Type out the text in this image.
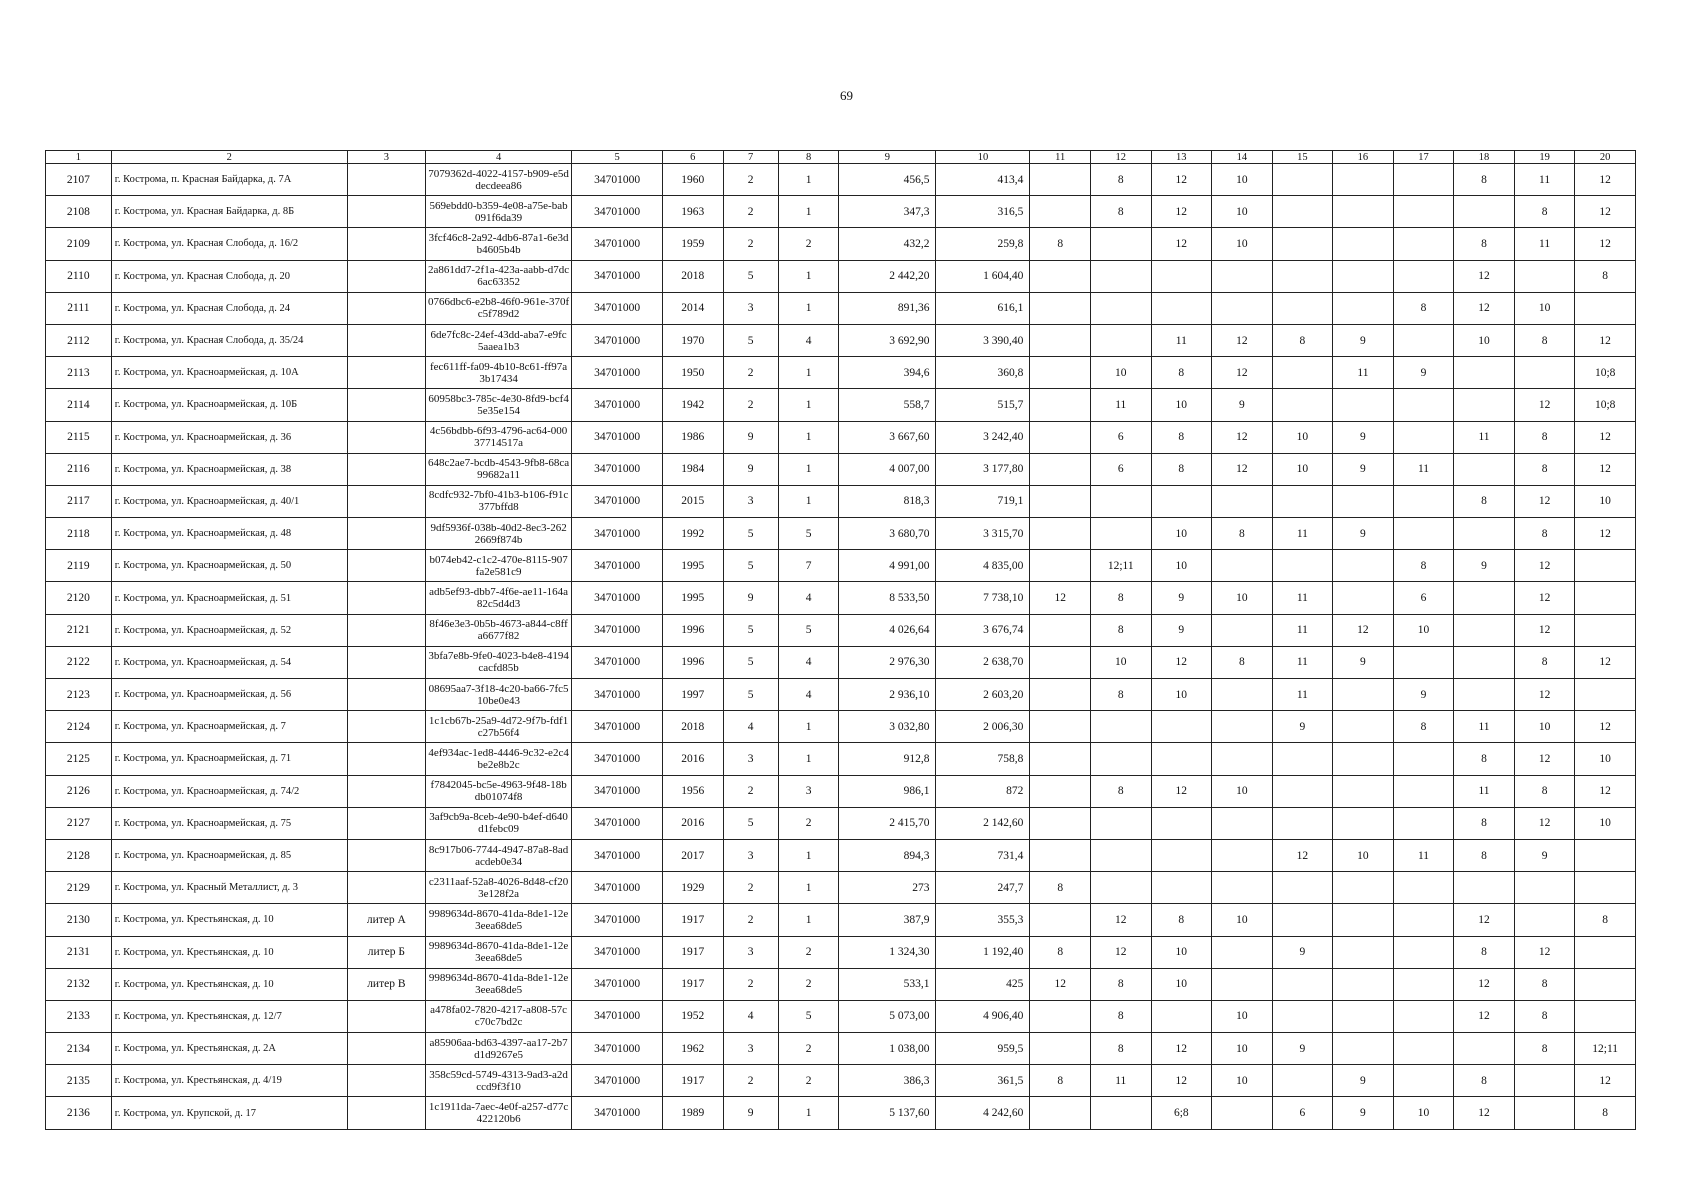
69
1	2	3	4	5	6	7	8	9	10	11	12	13	14	15	16	17	18	19	20
2107	г. Кострома, п. Красная Байдарка, д. 7А		7079362d-4022-4157-b909-e5ddecdeea86	34701000	1960	2	1	456,5	413,4		8	12	10				8	11	12
2108	г. Кострома, ул. Красная Байдарка, д. 8Б		569ebdd0-b359-4e08-a75e-bab091f6da39	34701000	1963	2	1	347,3	316,5		8	12	10					8	12
2109	г. Кострома, ул. Красная Слобода, д. 16/2		3fcf46c8-2a92-4db6-87a1-6e3db4605b4b	34701000	1959	2	2	432,2	259,8	8		12	10				8	11	12
2110	г. Кострома, ул. Красная Слобода, д. 20		2a861dd7-2f1a-423a-aabb-d7dc6ac63352	34701000	2018	5	1	2 442,20	1 604,40								12		8
2111	г. Кострома, ул. Красная Слобода, д. 24		0766dbc6-e2b8-46f0-961e-370fc5f789d2	34701000	2014	3	1	891,36	616,1							8	12	10	
2112	г. Кострома, ул. Красная Слобода, д. 35/24		6de7fc8c-24ef-43dd-aba7-e9fc5aaea1b3	34701000	1970	5	4	3 692,90	3 390,40			11	12	8	9		10	8	12
2113	г. Кострома, ул. Красноармейская, д. 10А		fec611ff-fa09-4b10-8c61-ff97a3b17434	34701000	1950	2	1	394,6	360,8		10	8	12		11	9			10;8
2114	г. Кострома, ул. Красноармейская, д. 10Б		60958bc3-785c-4e30-8fd9-bcf45e35e154	34701000	1942	2	1	558,7	515,7		11	10	9					12	10;8
2115	г. Кострома, ул. Красноармейская, д. 36		4c56bdbb-6f93-4796-ac64-00037714517a	34701000	1986	9	1	3 667,60	3 242,40		6	8	12	10	9		11	8	12
2116	г. Кострома, ул. Красноармейская, д. 38		648c2ae7-bcdb-4543-9fb8-68ca99682a11	34701000	1984	9	1	4 007,00	3 177,80		6	8	12	10	9	11		8	12
2117	г. Кострома, ул. Красноармейская, д. 40/1		8cdfc932-7bf0-41b3-b106-f91c377bffd8	34701000	2015	3	1	818,3	719,1								8	12	10
2118	г. Кострома, ул. Красноармейская, д. 48		9df5936f-038b-40d2-8ec3-2622669f874b	34701000	1992	5	5	3 680,70	3 315,70			10	8	11	9			8	12
2119	г. Кострома, ул. Красноармейская, д. 50		b074eb42-c1c2-470e-8115-907fa2e581c9	34701000	1995	5	7	4 991,00	4 835,00		12;11	10				8	9	12	
2120	г. Кострома, ул. Красноармейская, д. 51		adb5ef93-dbb7-4f6e-ae11-164a82c5d4d3	34701000	1995	9	4	8 533,50	7 738,10	12	8	9	10	11		6		12	
2121	г. Кострома, ул. Красноармейская, д. 52		8f46e3e3-0b5b-4673-a844-c8ffa6677f82	34701000	1996	5	5	4 026,64	3 676,74		8	9		11	12	10		12	
2122	г. Кострома, ул. Красноармейская, д. 54		3bfa7e8b-9fe0-4023-b4e8-4194cacfd85b	34701000	1996	5	4	2 976,30	2 638,70		10	12	8	11	9			8	12
2123	г. Кострома, ул. Красноармейская, д. 56		08695aa7-3f18-4c20-ba66-7fc510be0e43	34701000	1997	5	4	2 936,10	2 603,20		8	10		11		9		12	
2124	г. Кострома, ул. Красноармейская, д. 7		1c1cb67b-25a9-4d72-9f7b-fdf1c27b56f4	34701000	2018	4	1	3 032,80	2 006,30					9		8	11	10	12
2125	г. Кострома, ул. Красноармейская, д. 71		4ef934ac-1ed8-4446-9c32-e2c4be2e8b2c	34701000	2016	3	1	912,8	758,8								8	12	10
2126	г. Кострома, ул. Красноармейская, д. 74/2		f7842045-bc5e-4963-9f48-18bdb01074f8	34701000	1956	2	3	986,1	872		8	12	10				11	8	12
2127	г. Кострома, ул. Красноармейская, д. 75		3af9cb9a-8ceb-4e90-b4ef-d640d1febc09	34701000	2016	5	2	2 415,70	2 142,60								8	12	10
2128	г. Кострома, ул. Красноармейская, д. 85		8c917b06-7744-4947-87a8-8adacdeb0e34	34701000	2017	3	1	894,3	731,4					12	10	11	8	9	
2129	г. Кострома, ул. Красный Металлист, д. 3		c2311aaf-52a8-4026-8d48-cf203e128f2a	34701000	1929	2	1	273	247,7	8									
2130	г. Кострома, ул. Крестьянская, д. 10	литер А	9989634d-8670-41da-8de1-12e3eea68de5	34701000	1917	2	1	387,9	355,3		12	8	10				12		8
2131	г. Кострома, ул. Крестьянская, д. 10	литер Б	9989634d-8670-41da-8de1-12e3eea68de5	34701000	1917	3	2	1 324,30	1 192,40	8	12	10		9			8	12	
2132	г. Кострома, ул. Крестьянская, д. 10	литер В	9989634d-8670-41da-8de1-12e3eea68de5	34701000	1917	2	2	533,1	425	12	8	10					12	8	
2133	г. Кострома, ул. Крестьянская, д. 12/7		a478fa02-7820-4217-a808-57cc70c7bd2c	34701000	1952	4	5	5 073,00	4 906,40		8		10				12	8	
2134	г. Кострома, ул. Крестьянская, д. 2А		a85906aa-bd63-4397-aa17-2b7d1d9267e5	34701000	1962	3	2	1 038,00	959,5		8	12	10	9				8	12;11
2135	г. Кострома, ул. Крестьянская, д. 4/19		358c59cd-5749-4313-9ad3-a2dccd9f3f10	34701000	1917	2	2	386,3	361,5	8	11	12	10		9		8		12
2136	г. Кострома, ул. Крупской, д. 17		1c1911da-7aec-4e0f-a257-d77c422120b6	34701000	1989	9	1	5 137,60	4 242,60			6;8		6	9	10	12		8
